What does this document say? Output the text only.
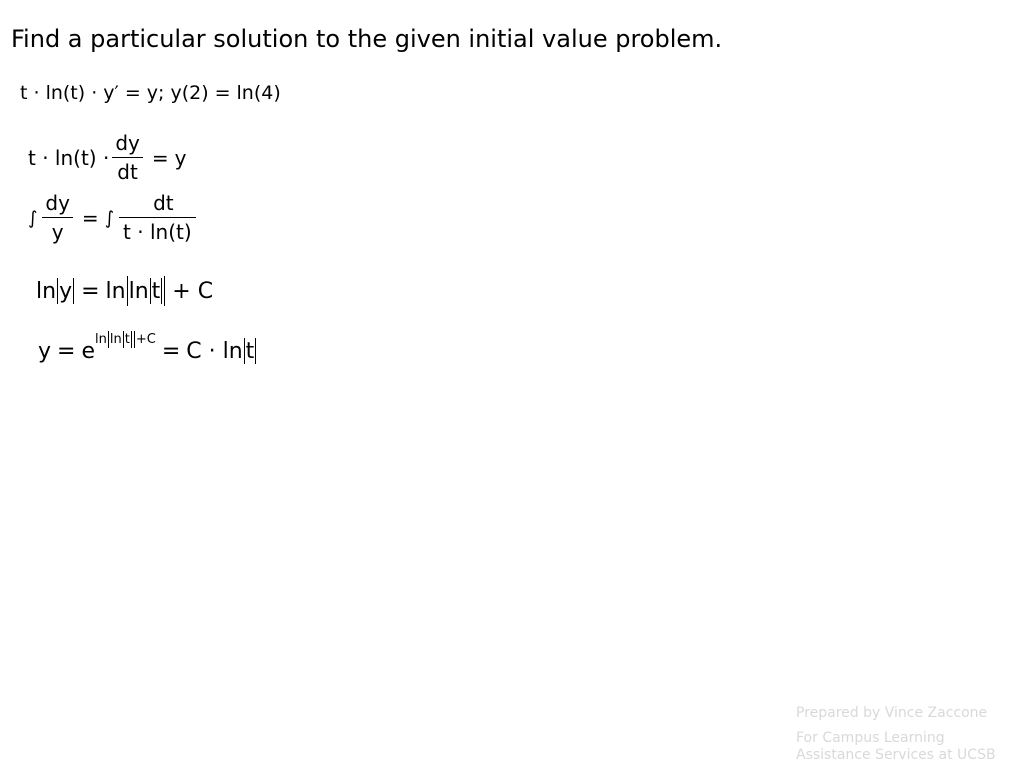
Find a particular solution to the given initial value problem.
t · ln(t) · y′ = y; y(2) = ln(4)
$t \cdot \ln(t) \cdot \frac{dy}{dt} = y$
∫ $\frac{dy}{y}$ = ∫ $\frac{dt}{t \cdot \ln(t)}$
ln y = ln ln t + C
y = e ln ln t +C = C · ln t
Prepared by Vince Zaccone
For Campus Learning Assistance Services at UCSB
